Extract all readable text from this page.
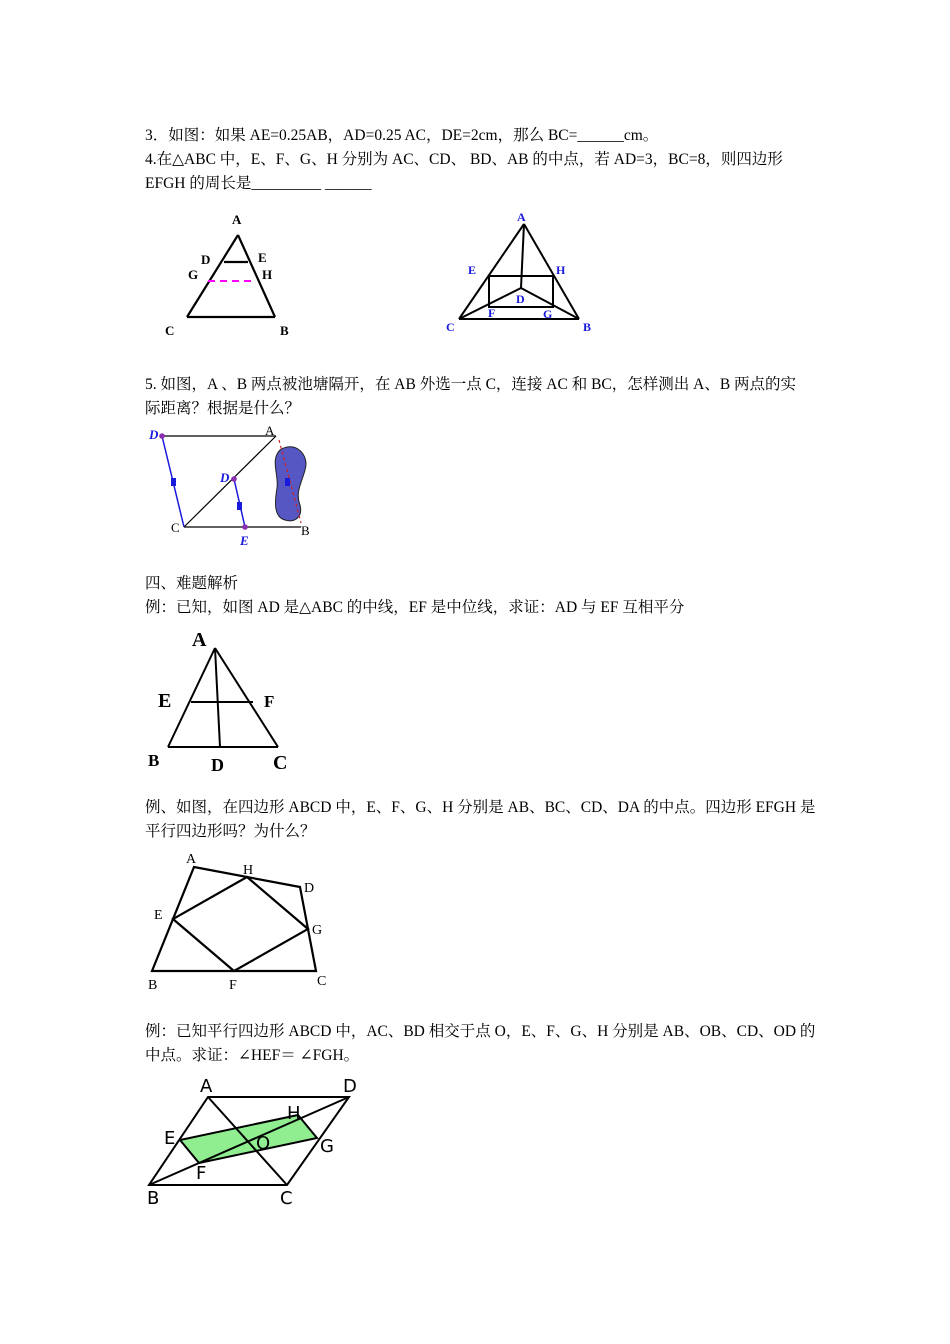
3．如图：如果 AE=0.25AB，AD=0.25 AC，DE=2cm，那么 BC=______cm。
4.在△ABC 中，E、F、G、H 分别为 AC、CD、 BD、AB 的中点，若 AD=3，BC=8，则四边形
EFGH 的周长是_________ ______
A
D	E
G	H
C	B
A
E	H
D
F	G
C	B
5. 如图，A 、B 两点被池塘隔开，在 AB 外选一点 C，连接 AC 和 BC，怎样测出 A、B 两点的实
际距离？根据是什么？
D	A
D
C
E
B
四、难题解析
例：已知，如图 AD 是△ABC 的中线，EF 是中位线，求证：AD 与 EF 互相平分
A
E	F
B	D C
例、如图，在四边形 ABCD 中，E、F、G、H 分别是 AB、BC、CD、DA 的中点。四边形 EFGH 是
平行四边形吗？为什么？
A
H
D
E
G
B	F	C
例：已知平行四边形 ABCD 中，AC、BD 相交于点 O，E、F、G、H 分别是 AB、OB、CD、OD 的
中点。求证：∠HEF＝ ∠FGH。
A	D
H
E	O	G
F
B	C
